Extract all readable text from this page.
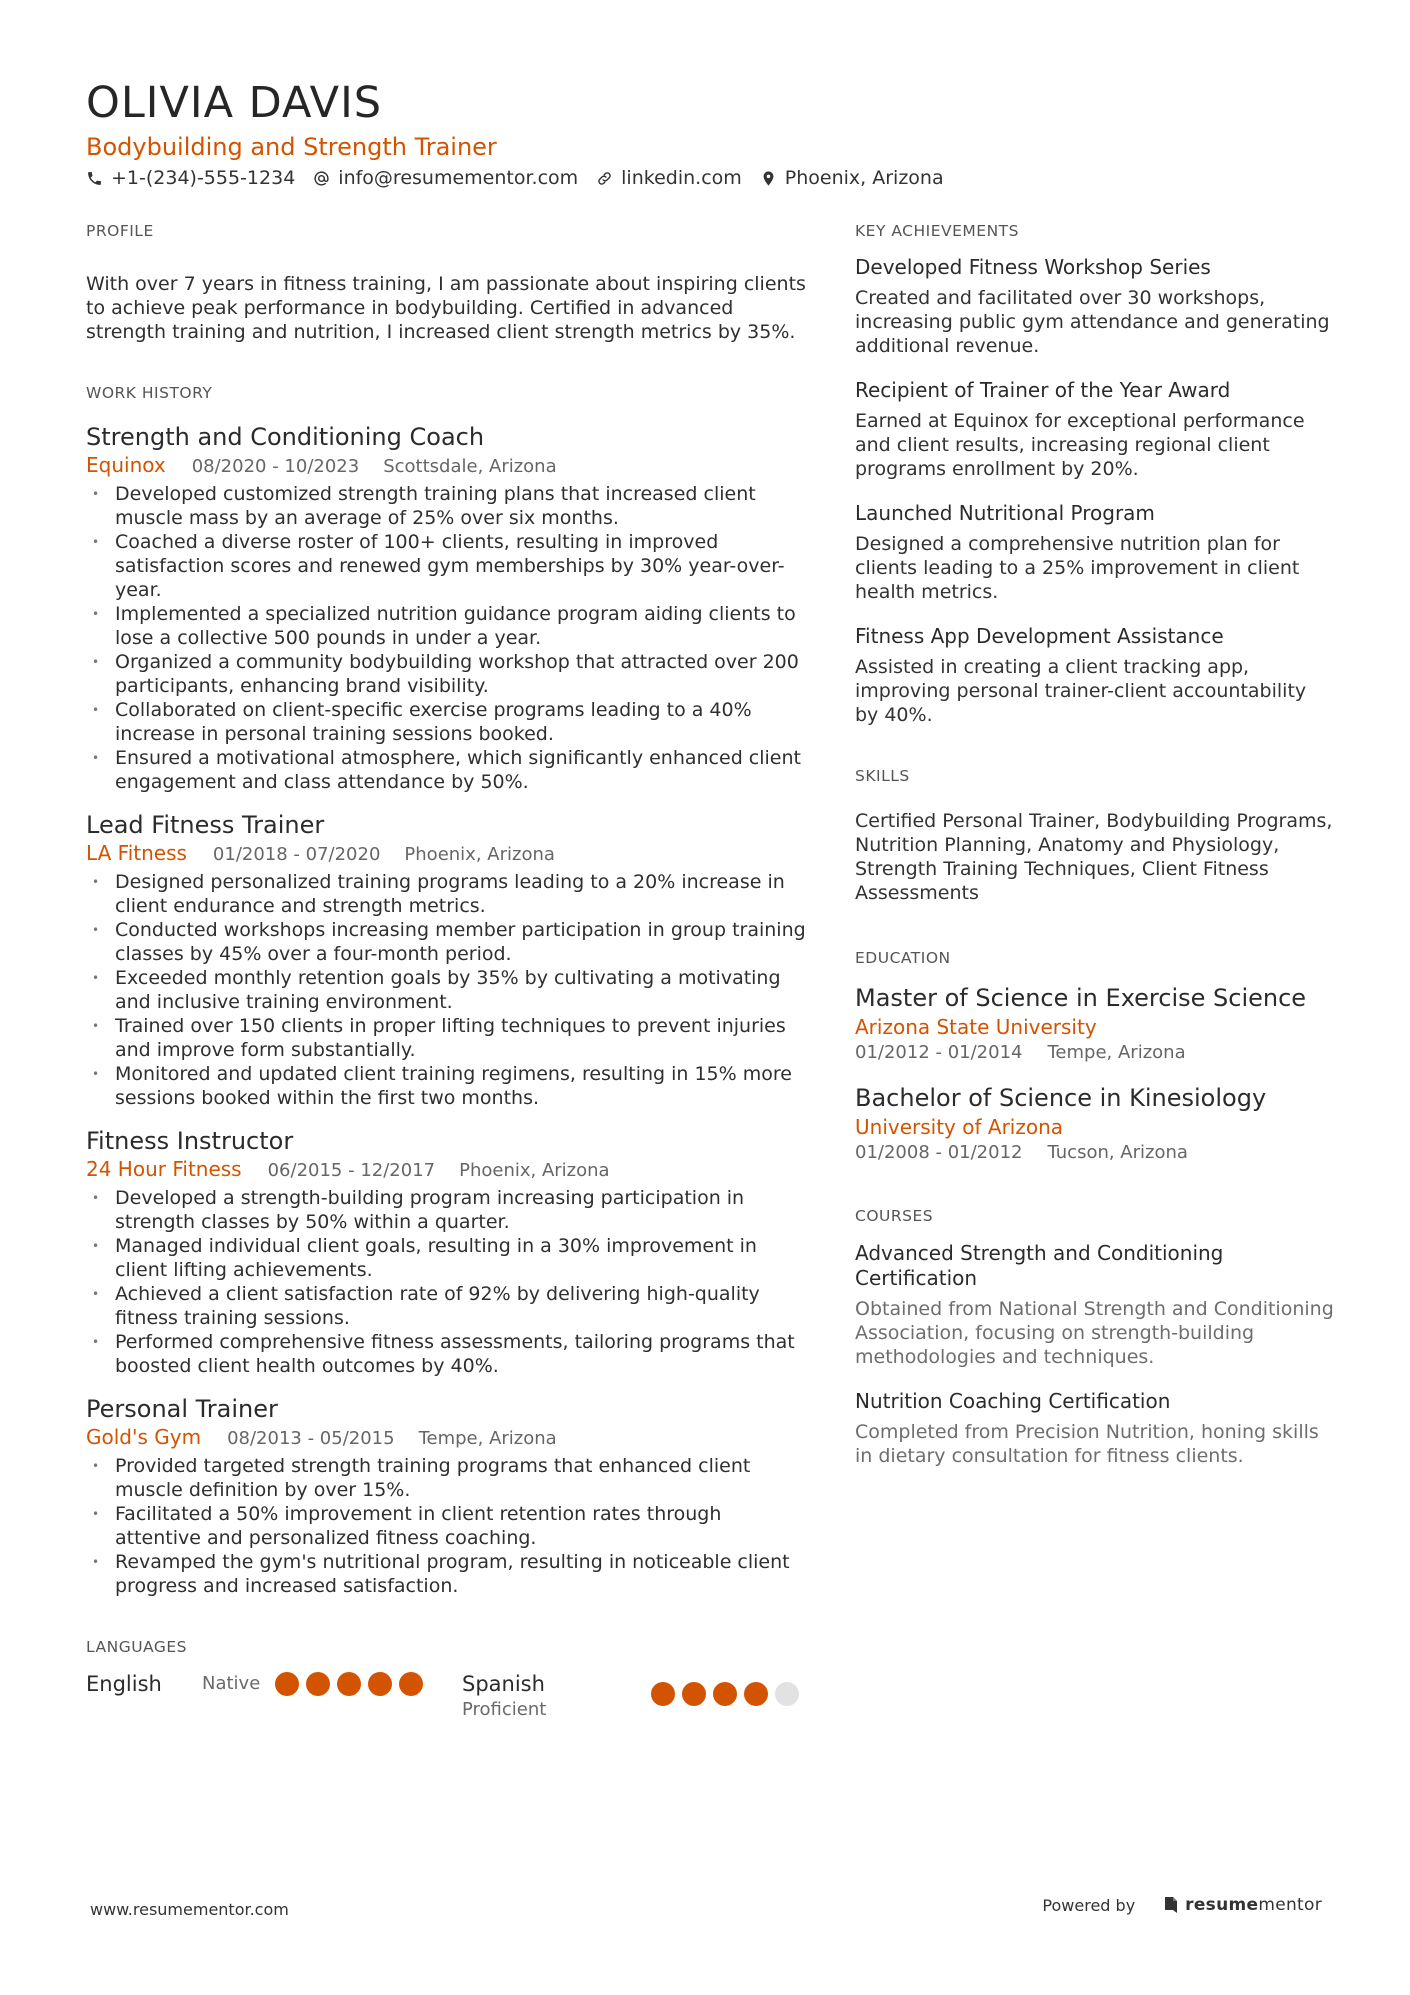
OLIVIA DAVIS
Bodybuilding and Strength Trainer
+1-(234)-555-1234 info@resumementor.com linkedin.com Phoenix, Arizona
PROFILE
With over 7 years in fitness training, I am passionate about inspiring clients to achieve peak performance in bodybuilding. Certified in advanced strength training and nutrition, I increased client strength metrics by 35%.
WORK HISTORY
Strength and Conditioning Coach
Equinox 08/2020 - 10/2023 Scottsdale, Arizona
• Developed customized strength training plans that increased client muscle mass by an average of 25% over six months.
• Coached a diverse roster of 100+ clients, resulting in improved satisfaction scores and renewed gym memberships by 30% year-over-year.
• Implemented a specialized nutrition guidance program aiding clients to lose a collective 500 pounds in under a year.
• Organized a community bodybuilding workshop that attracted over 200 participants, enhancing brand visibility.
• Collaborated on client-specific exercise programs leading to a 40% increase in personal training sessions booked.
• Ensured a motivational atmosphere, which significantly enhanced client engagement and class attendance by 50%.
Lead Fitness Trainer
LA Fitness 01/2018 - 07/2020 Phoenix, Arizona
• Designed personalized training programs leading to a 20% increase in client endurance and strength metrics.
• Conducted workshops increasing member participation in group training classes by 45% over a four-month period.
• Exceeded monthly retention goals by 35% by cultivating a motivating and inclusive training environment.
• Trained over 150 clients in proper lifting techniques to prevent injuries and improve form substantially.
• Monitored and updated client training regimens, resulting in 15% more sessions booked within the first two months.
Fitness Instructor
24 Hour Fitness 06/2015 - 12/2017 Phoenix, Arizona
• Developed a strength-building program increasing participation in strength classes by 50% within a quarter.
• Managed individual client goals, resulting in a 30% improvement in client lifting achievements.
• Achieved a client satisfaction rate of 92% by delivering high-quality fitness training sessions.
• Performed comprehensive fitness assessments, tailoring programs that boosted client health outcomes by 40%.
Personal Trainer
Gold's Gym 08/2013 - 05/2015 Tempe, Arizona
• Provided targeted strength training programs that enhanced client muscle definition by over 15%.
• Facilitated a 50% improvement in client retention rates through attentive and personalized fitness coaching.
• Revamped the gym's nutritional program, resulting in noticeable client progress and increased satisfaction.
LANGUAGES
English Native	Spanish
Proficient
KEY ACHIEVEMENTS
Developed Fitness Workshop Series
Created and facilitated over 30 workshops, increasing public gym attendance and generating additional revenue.
Recipient of Trainer of the Year Award
Earned at Equinox for exceptional performance and client results, increasing regional client programs enrollment by 20%.
Launched Nutritional Program
Designed a comprehensive nutrition plan for clients leading to a 25% improvement in client health metrics.
Fitness App Development Assistance
Assisted in creating a client tracking app, improving personal trainer-client accountability by 40%.
SKILLS
Certified Personal Trainer, Bodybuilding Programs, Nutrition Planning, Anatomy and Physiology, Strength Training Techniques, Client Fitness Assessments
EDUCATION
Master of Science in Exercise Science
Arizona State University
01/2012 - 01/2014 Tempe, Arizona
Bachelor of Science in Kinesiology
University of Arizona
01/2008 - 01/2012 Tucson, Arizona
COURSES
Advanced Strength and Conditioning Certification
Obtained from National Strength and Conditioning Association, focusing on strength-building methodologies and techniques.
Nutrition Coaching Certification
Completed from Precision Nutrition, honing skills in dietary consultation for fitness clients.
www.resumementor.com	Powered by	resume mentor
